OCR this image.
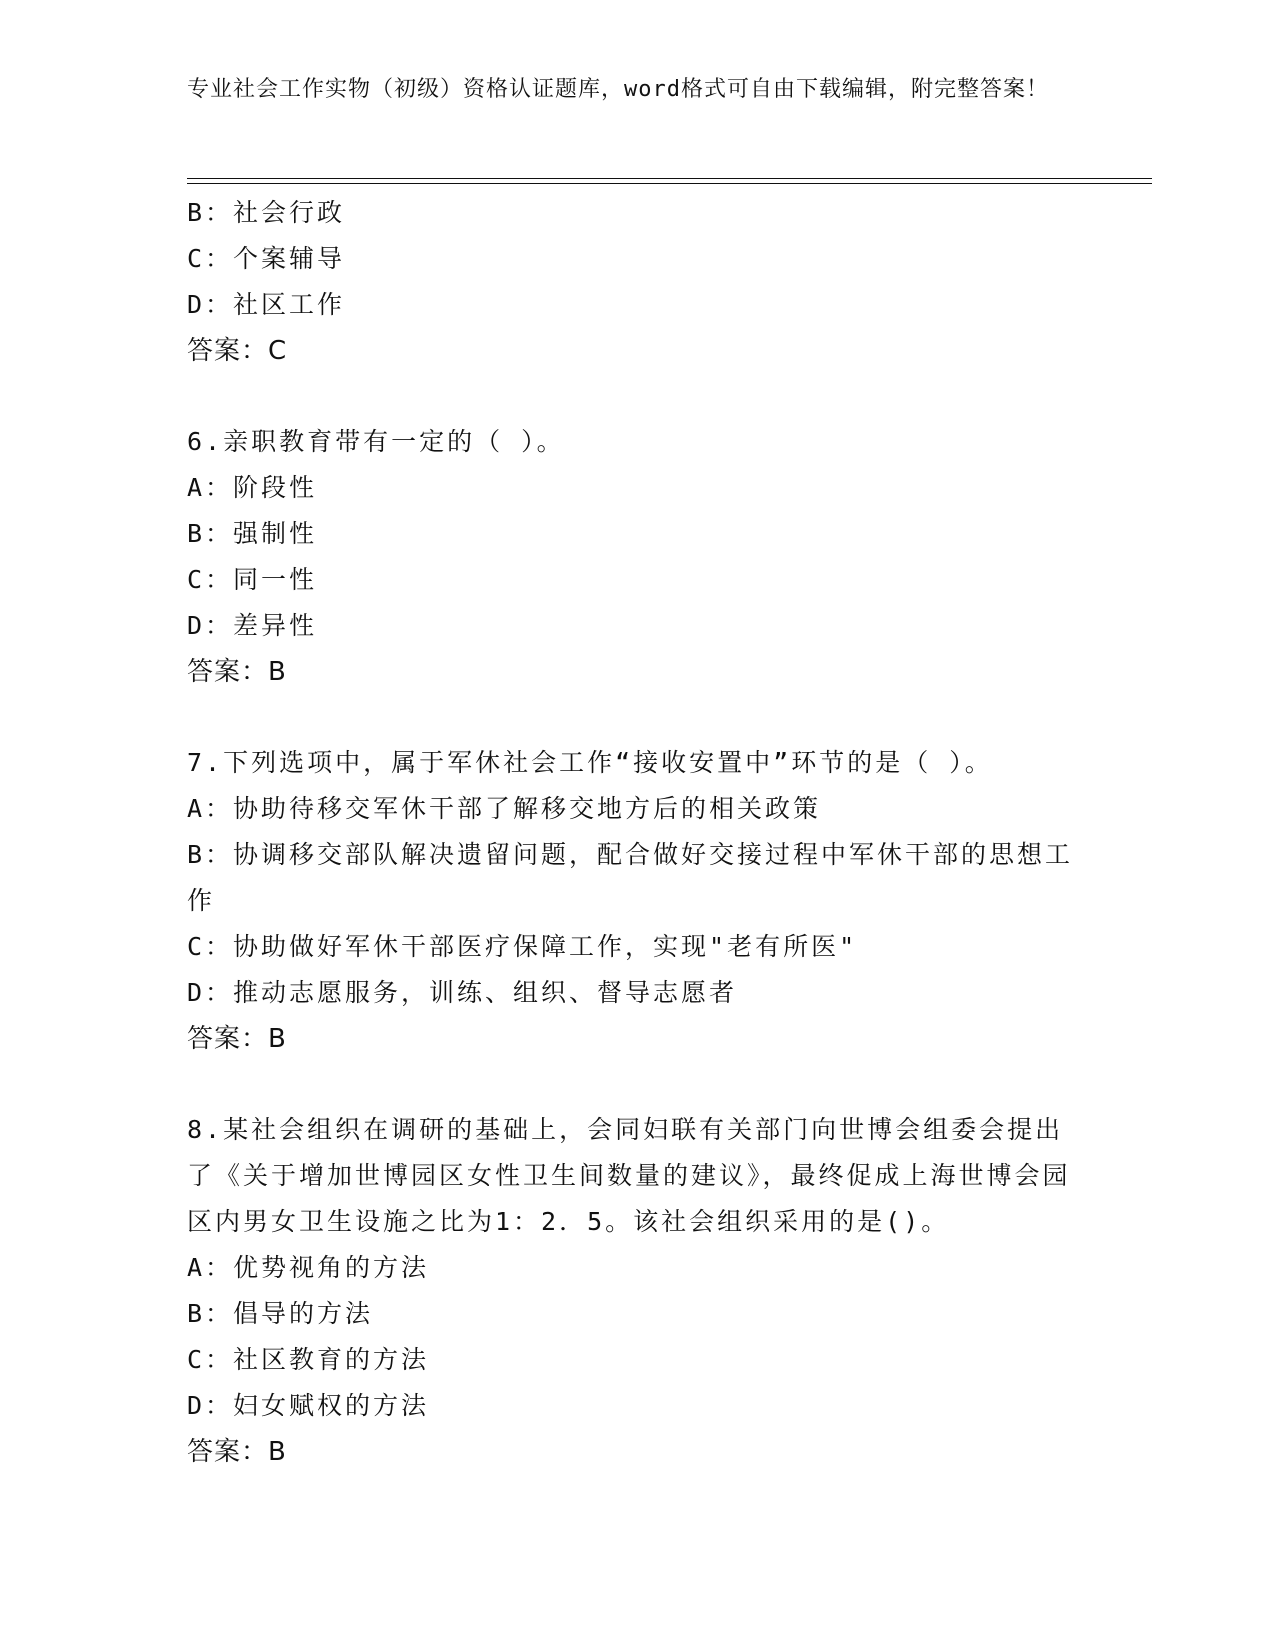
专业社会工作实物（初级）资格认证题库，word格式可自由下载编辑，附完整答案！
B：社会行政
C：个案辅导
D：社区工作
答案：C
6.亲职教育带有一定的（ ）。
A：阶段性
B：强制性
C：同一性
D：差异性
答案：B
7.下列选项中，属于军休社会工作“接收安置中”环节的是（ ）。
A：协助待移交军休干部了解移交地方后的相关政策
B：协调移交部队解决遗留问题，配合做好交接过程中军休干部的思想工作
C：协助做好军休干部医疗保障工作，实现"老有所医"
D：推动志愿服务，训练、组织、督导志愿者
答案：B
8.某社会组织在调研的基础上，会同妇联有关部门向世博会组委会提出了《关于增加世博园区女性卫生间数量的建议》，最终促成上海世博会园区内男女卫生设施之比为1：2．5。该社会组织采用的是()。
A：优势视角的方法
B：倡导的方法
C：社区教育的方法
D：妇女赋权的方法
答案：B
